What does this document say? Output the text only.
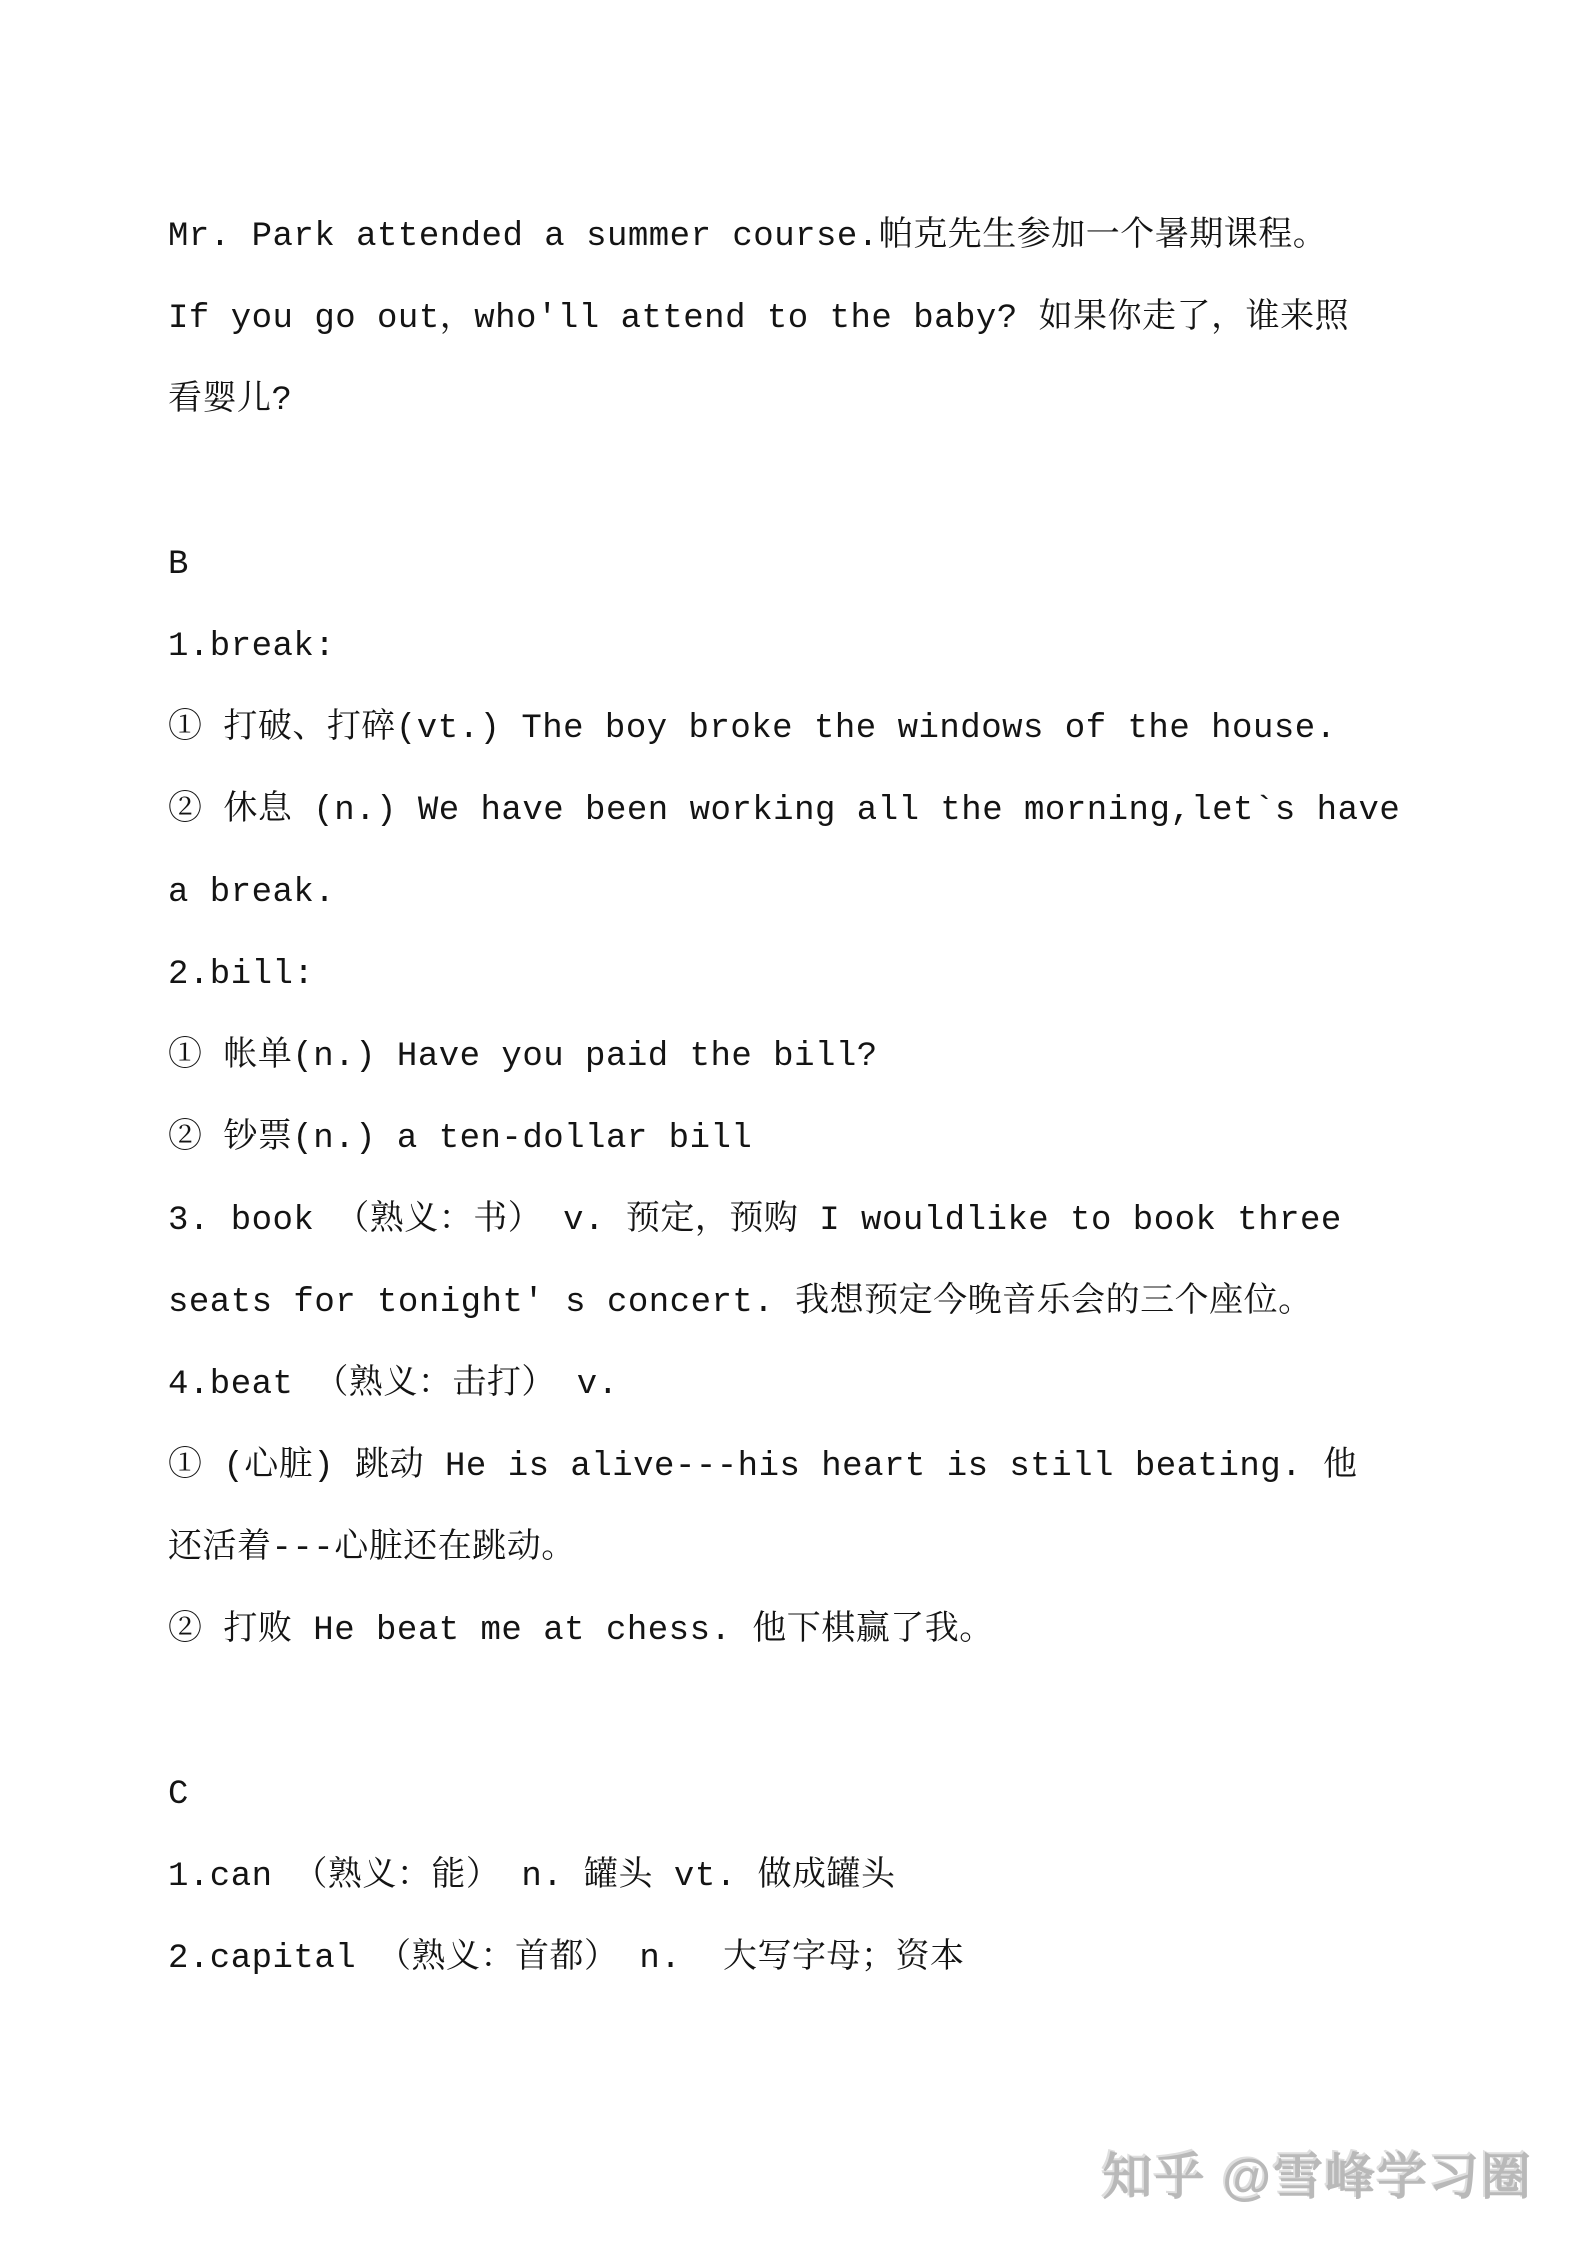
Mr. Park attended a summer course.帕克先生参加一个暑期课程。
If you go out，who'll attend to the baby? 如果你走了，谁来照
看婴儿?
B
1.break:
① 打破、打碎(vt.) The boy broke the windows of the house.
② 休息 (n.) We have been working all the morning,let`s have
a break.
2.bill:
① 帐单(n.) Have you paid the bill?
② 钞票(n.) a ten-dollar bill
3. book （熟义：书） v. 预定，预购 I wouldlike to book three
seats for tonight' s concert. 我想预定今晚音乐会的三个座位。
4.beat （熟义：击打） v.
① (心脏) 跳动 He is alive---his heart is still beating. 他
还活着---心脏还在跳动。
② 打败 He beat me at chess. 他下棋赢了我。
C
1.can （熟义：能） n. 罐头 vt. 做成罐头
2.capital （熟义：首都） n.  大写字母；资本
知乎 @雪峰学习圈
